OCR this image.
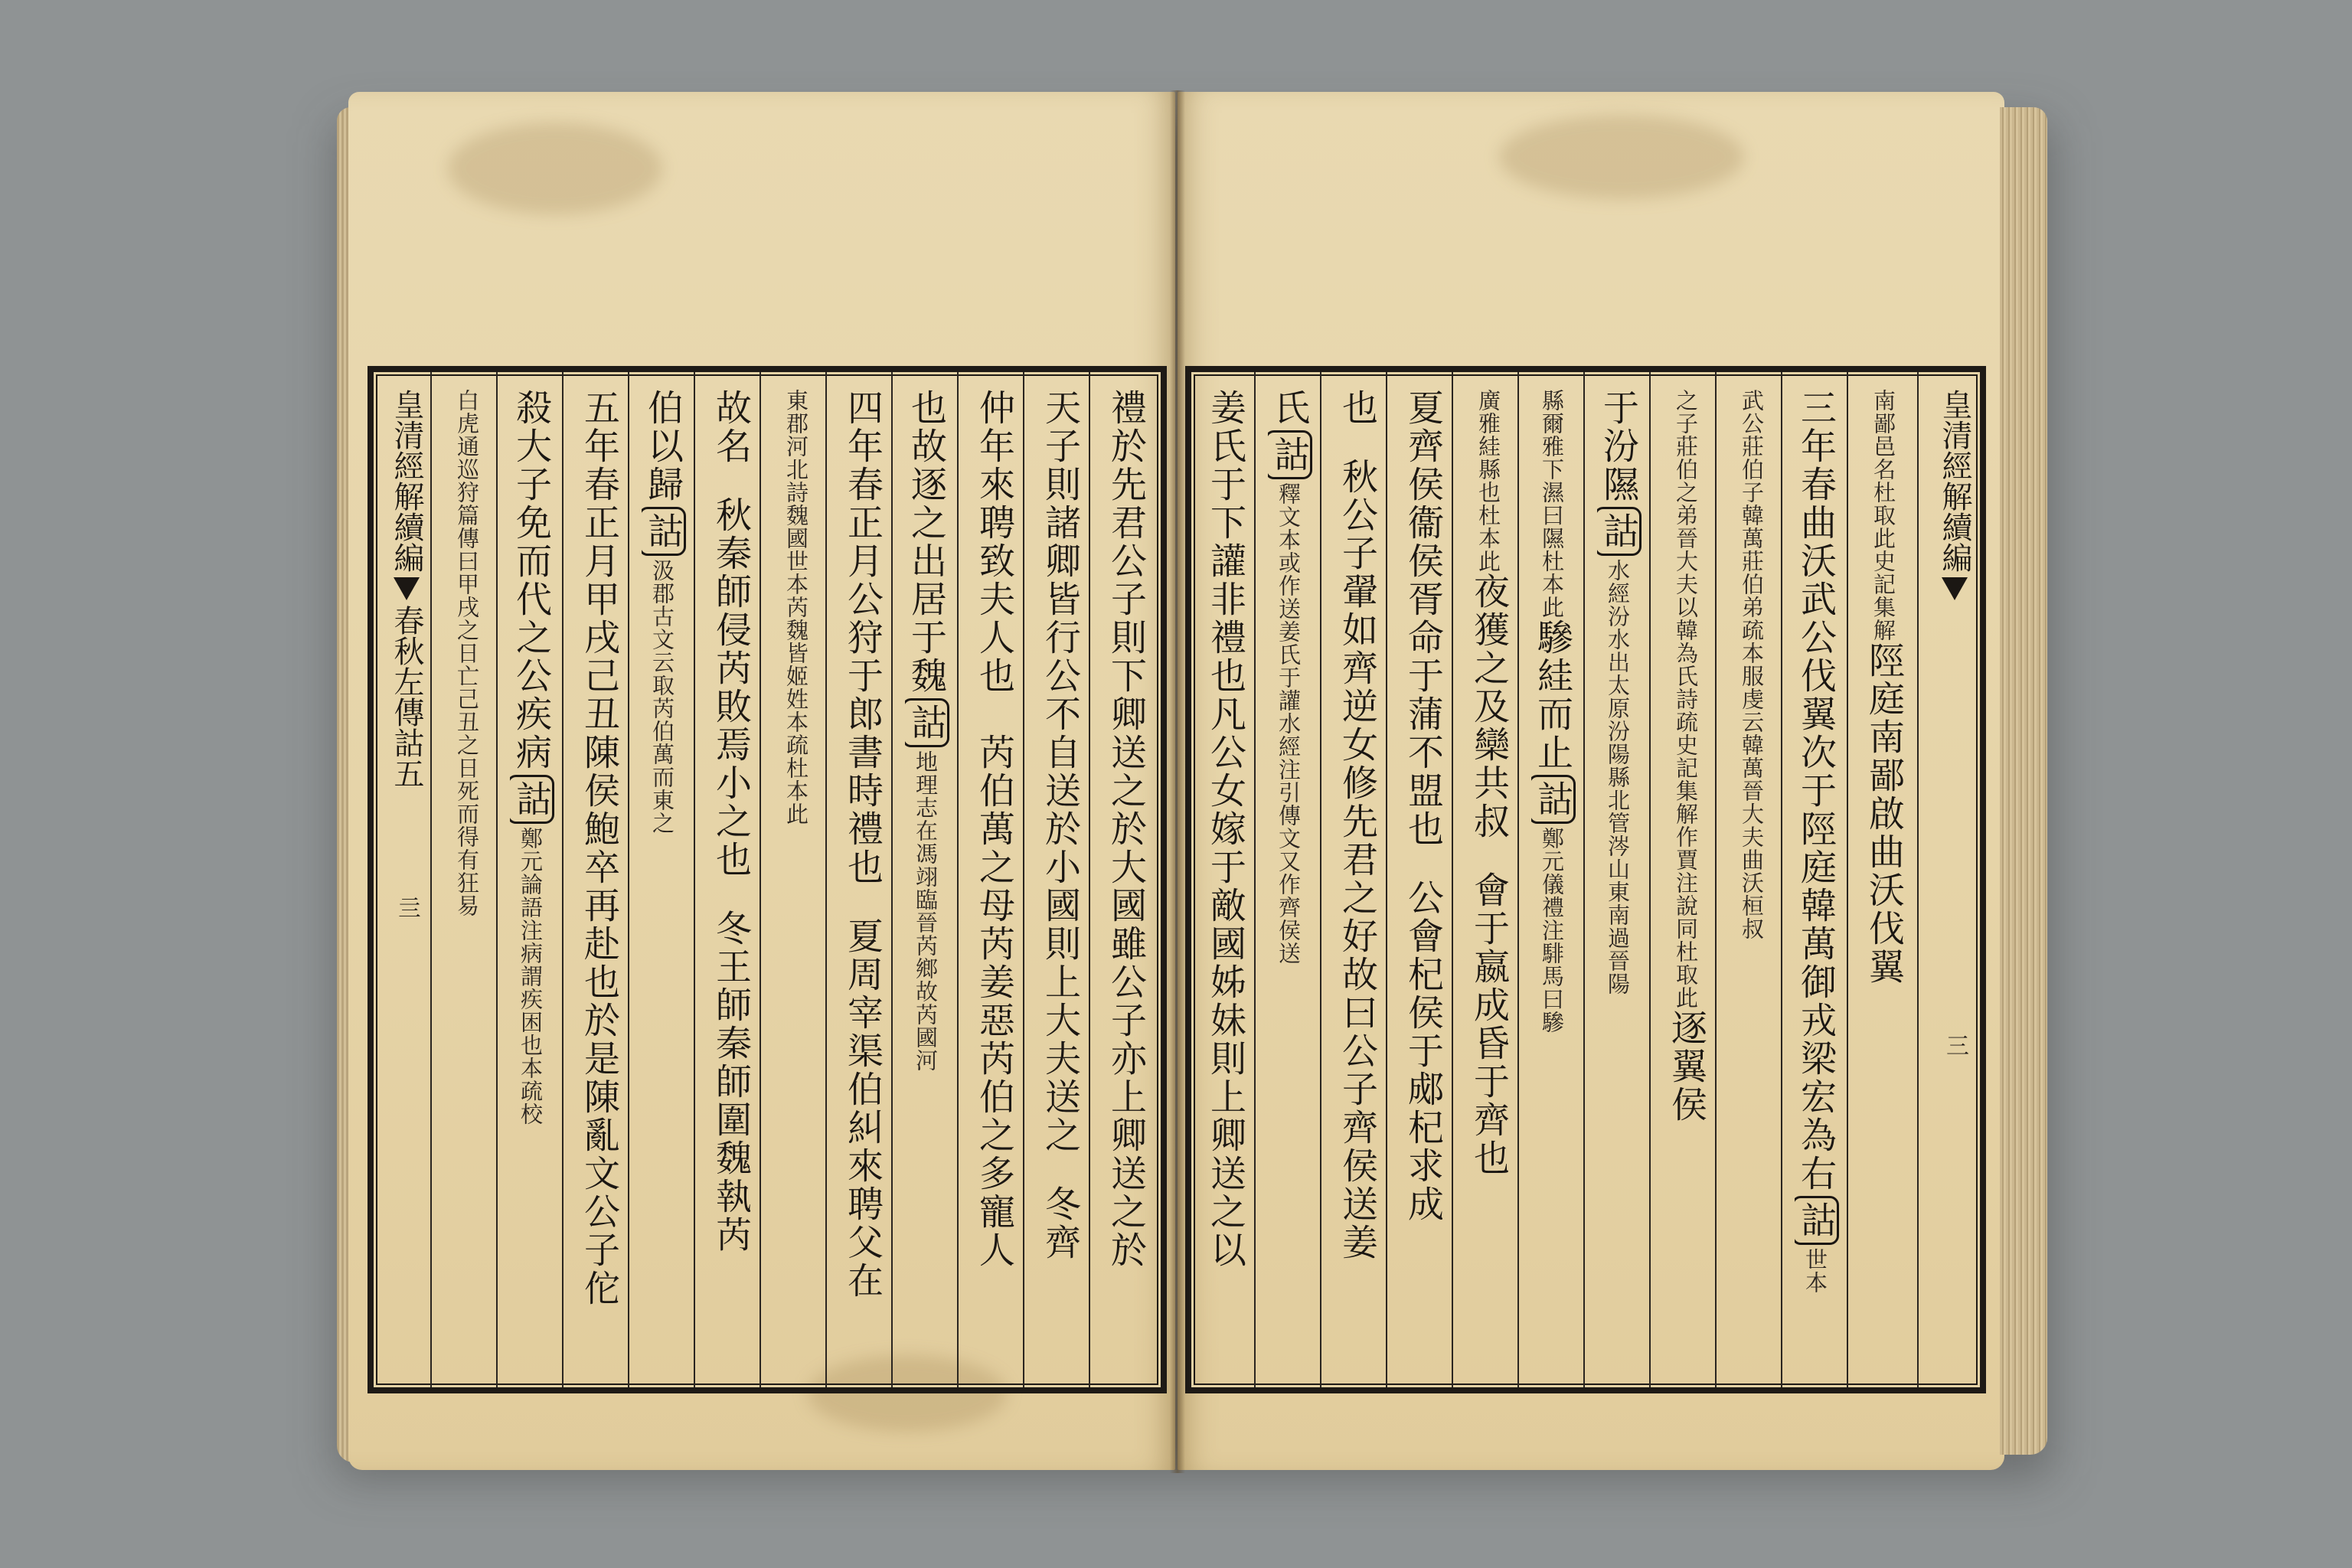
皇清經解續編春秋左傳詁五亖	禮於先君公子則下卿送之於大國雖公子亦上卿送之於
天子則諸卿皆行公不自送於小國則上大夫送之冬齊
仲年來聘致夫人也芮伯萬之母芮姜惡芮伯之多寵人
也故逐之出居于魏詁地理志在馮翊臨晉芮鄉故芮國河
四年春正月公狩于郎書時禮也夏周宰渠伯糾來聘父在
東郡河北詩魏國世本芮魏皆姬姓本疏杜本此
故名秋秦師侵芮敗焉小之也冬王師秦師圍魏執芮
伯以歸詁汲郡古文云取芮伯萬而東之
五年春正月甲戌己丑陳侯鮑卒再赴也於是陳亂文公子佗
殺大子免而代之公疾病詁鄭元論語注病謂疾困也本疏校
白虎通巡狩篇傳曰甲戌之日亡己丑之日死而得有狂易	皇清經解續編三
南鄙邑名杜取此史記集解陘庭南鄙啟曲沃伐翼
三年春曲沃武公伐翼次于陘庭韓萬御戎梁宏為右詁世本
武公莊伯子韓萬莊伯弟疏本服虔云韓萬晉大夫曲沃桓叔
之子莊伯之弟晉大夫以韓為氏詩疏史記集解作賈注說同杜取此逐翼侯
于汾隰詁水經汾水出太原汾陽縣北管涔山東南過晉陽
縣爾雅下濕曰隰杜本此驂絓而止詁鄭元儀禮注騑馬曰驂
廣雅絓縣也杜本此夜獲之及欒共叔會于嬴成昏于齊也
夏齊侯衞侯胥命于蒲不盟也公會杞侯于郕杞求成
也秋公子翬如齊逆女修先君之好故曰公子齊侯送姜
氏詁釋文本或作送姜氏于讙水經注引傳文又作齊侯送
姜氏于下讙非禮也凡公女嫁于敵國姊妹則上卿送之以
